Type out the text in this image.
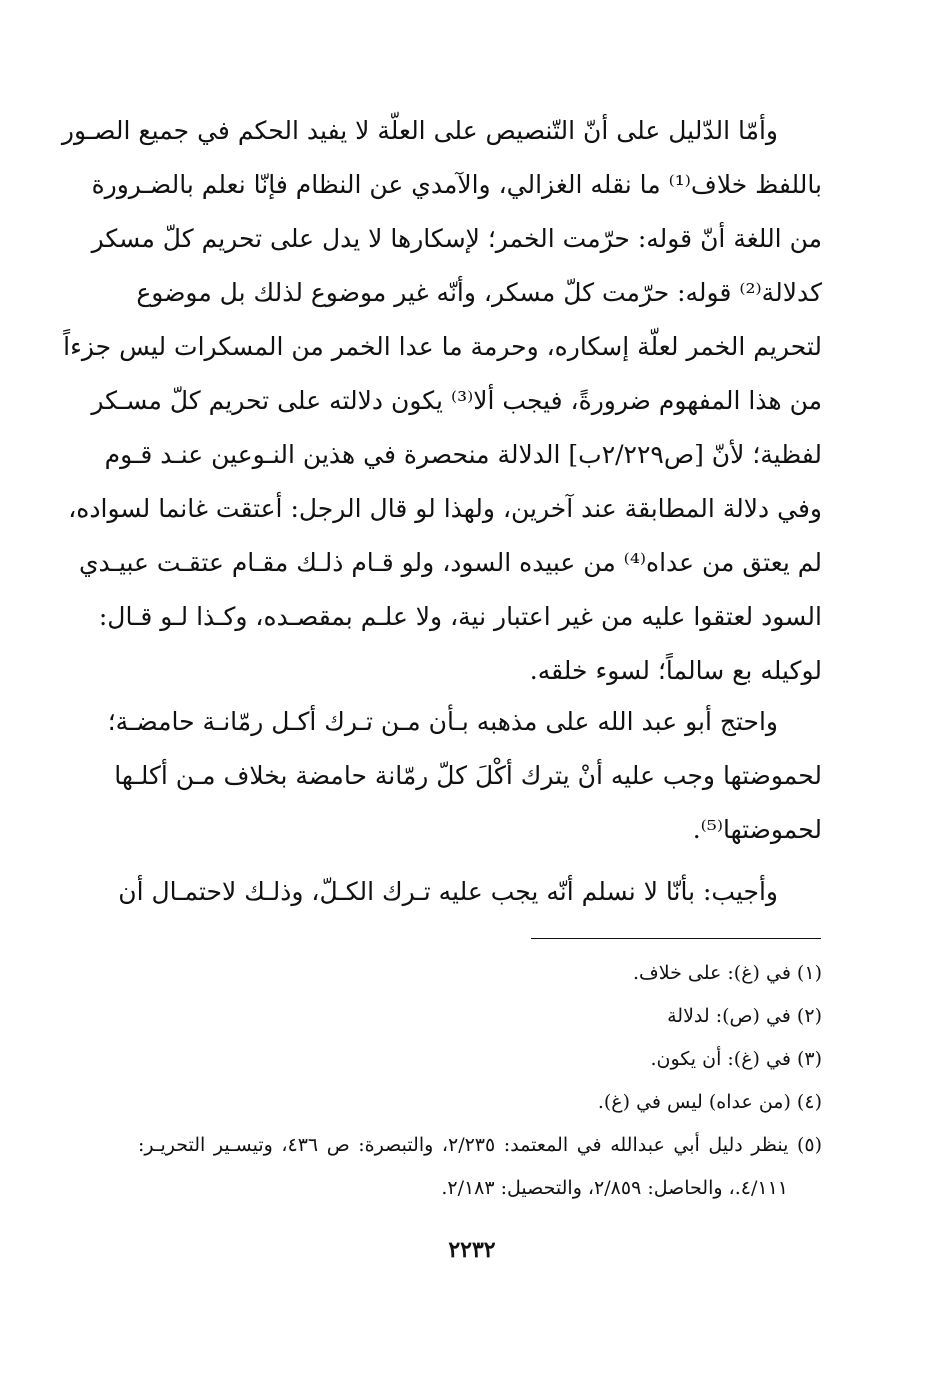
وأمّا الدّليل على أنّ التّنصيص على العلّة لا يفيد الحكم في جميع الصـور
باللفظ خلاف⁽¹⁾ ما نقله الغزالي، والآمدي عن النظام فإنّا نعلم بالضـرورة
من اللغة أنّ قوله: حرّمت الخمر؛ لإسكارها لا يدل على تحريم كلّ مسكر
كدلالة⁽²⁾ قوله: حرّمت كلّ مسكر، وأنّه غير موضوع لذلك بل موضوع
لتحريم الخمر لعلّة إسكاره، وحرمة ما عدا الخمر من المسكرات ليس جزءاً
من هذا المفهوم ضرورةً، فيجب ألا⁽³⁾ يكون دلالته على تحريم كلّ مسـكر
لفظية؛ لأنّ [ص٢/٢٢٩ب] الدلالة منحصرة في هذين النـوعين عنـد قـوم
وفي دلالة المطابقة عند آخرين، ولهذا لو قال الرجل: أعتقت غانما لسواده،
لم يعتق من عداه⁽⁴⁾ من عبيده السود، ولو قـام ذلـك مقـام عتقـت عبيـدي
السود لعتقوا عليه من غير اعتبار نية، ولا علـم بمقصـده، وكـذا لـو قـال:
لوكيله بع سالماً؛ لسوء خلقه.
واحتج أبو عبد الله على مذهبه بـأن مـن تـرك أكـل رمّانـة حامضـة؛
لحموضتها وجب عليه أنْ يترك أكْلَ كلّ رمّانة حامضة بخلاف مـن أكلـها
لحموضتها⁽⁵⁾.
وأجيب: بأنّا لا نسلم أنّه يجب عليه تـرك الكـلّ، وذلـك لاحتمـال أن
(١) في (غ): على خلاف.
(٢) في (ص): لدلالة
(٣) في (غ): أن يكون.
(٤) (من عداه) ليس في (غ).
(٥) ينظر دليل أبي عبدالله في المعتمد: ٢/٢٣٥، والتبصرة: ص ٤٣٦، وتيسـير التحريـر:
٤/١١١.، والحاصل: ٢/٨٥٩، والتحصيل: ٢/١٨٣.
٢٢٣٢
